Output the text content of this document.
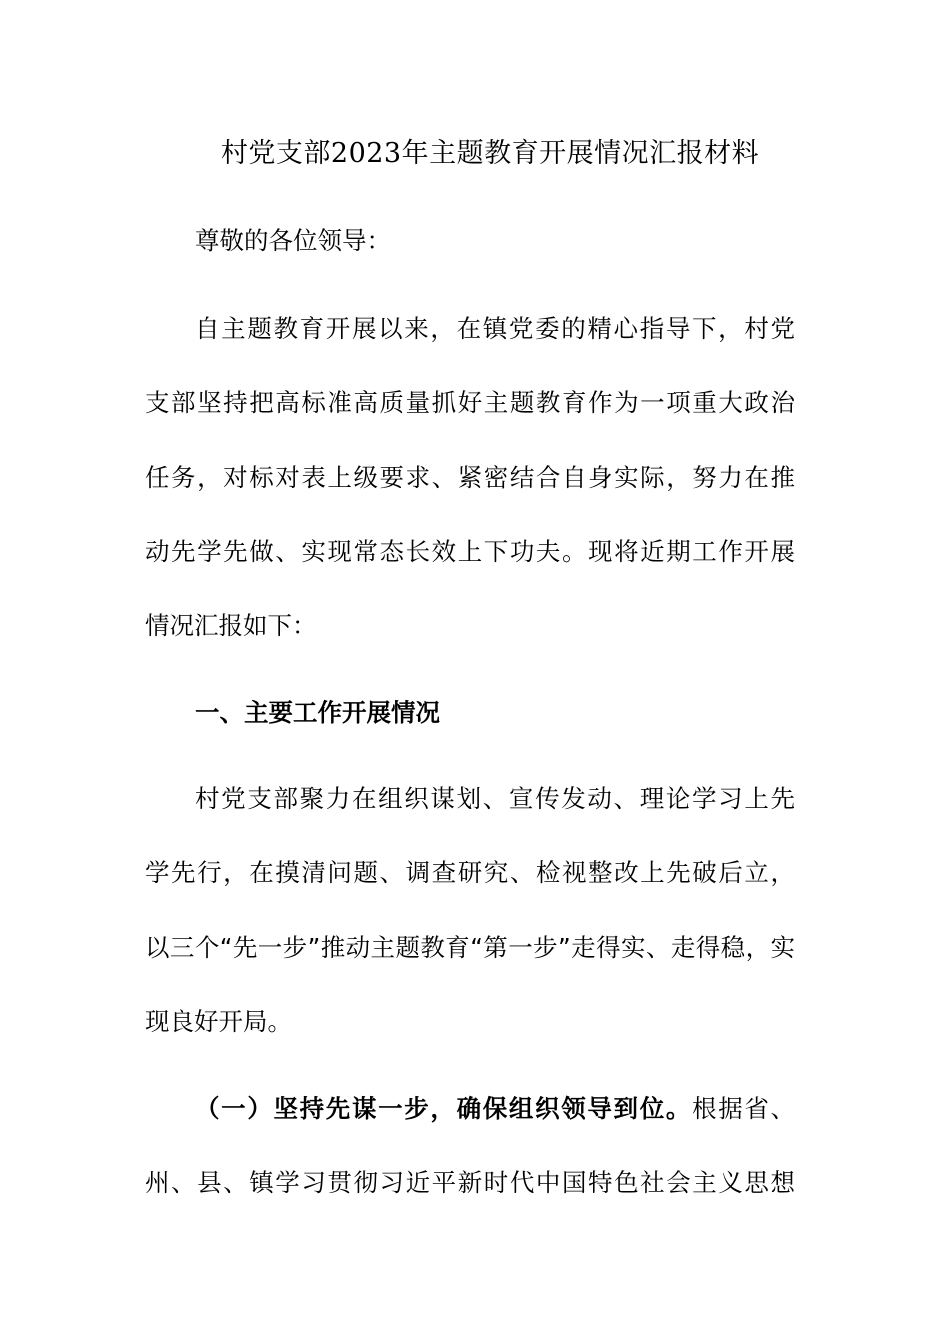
村党支部2023年主题教育开展情况汇报材料
尊敬的各位领导：
自主题教育开展以来，在镇党委的精心指导下，村党
支部坚持把高标准高质量抓好主题教育作为一项重大政治
任务，对标对表上级要求、紧密结合自身实际，努力在推
动先学先做、实现常态长效上下功夫。现将近期工作开展
情况汇报如下：
一、主要工作开展情况
村党支部聚力在组织谋划、宣传发动、理论学习上先
学先行，在摸清问题、调查研究、检视整改上先破后立，
以三个“先一步”推动主题教育“第一步”走得实、走得稳，实
现良好开局。
（一）坚持先谋一步，确保组织领导到位。根据省、
州、县、镇学习贯彻习近平新时代中国特色社会主义思想
